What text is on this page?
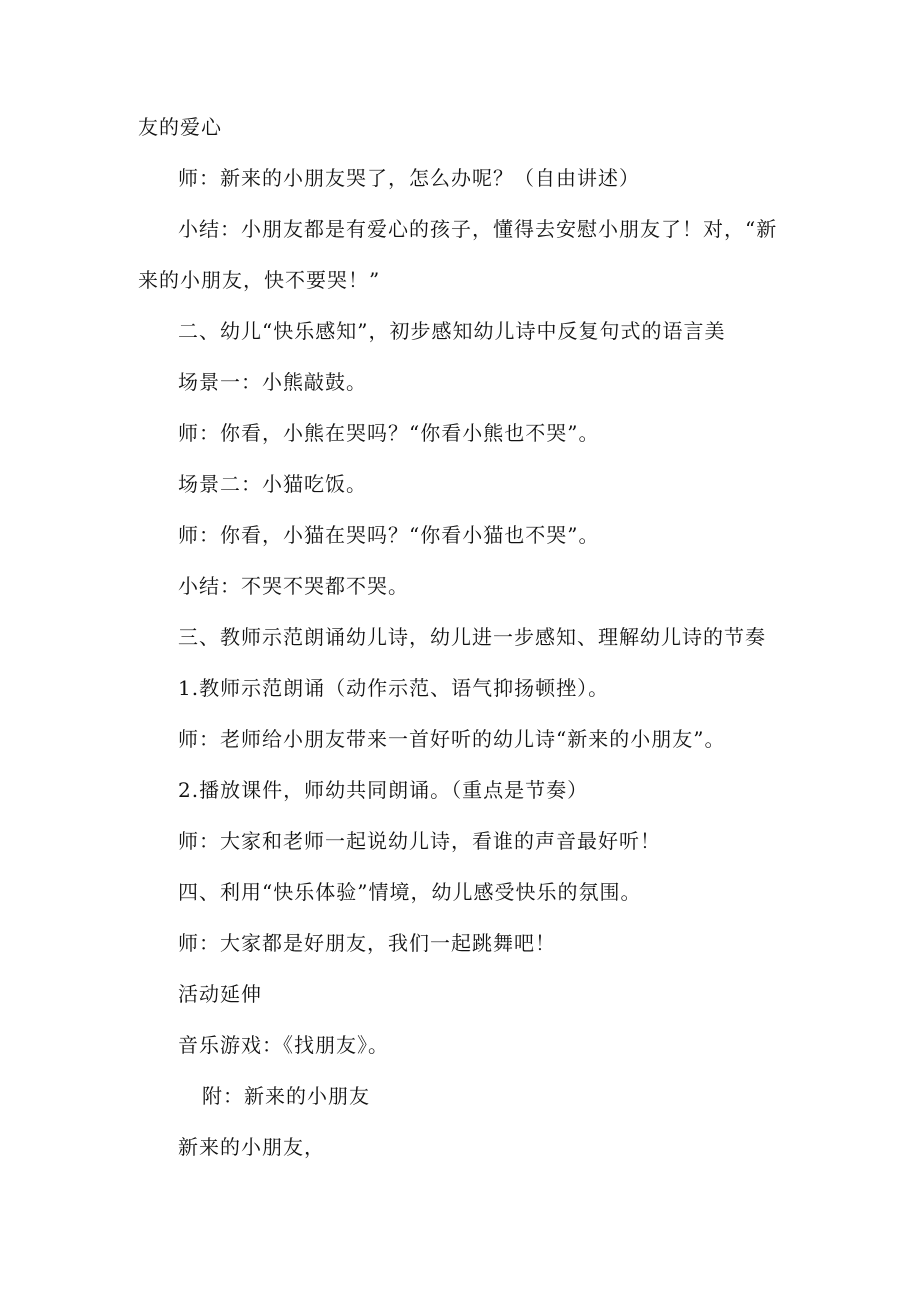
友的爱心
师：新来的小朋友哭了，怎么办呢？（自由讲述）
小结：小朋友都是有爱心的孩子，懂得去安慰小朋友了！对，“新
来的小朋友，快不要哭！”
二、幼儿“快乐感知”，初步感知幼儿诗中反复句式的语言美
场景一：小熊敲鼓。
师：你看，小熊在哭吗？“你看小熊也不哭”。
场景二：小猫吃饭。
师：你看，小猫在哭吗？“你看小猫也不哭”。
小结：不哭不哭都不哭。
三、教师示范朗诵幼儿诗，幼儿进一步感知、理解幼儿诗的节奏
1.教师示范朗诵（动作示范、语气抑扬顿挫）。
师：老师给小朋友带来一首好听的幼儿诗“新来的小朋友”。
2.播放课件，师幼共同朗诵。（重点是节奏）
师：大家和老师一起说幼儿诗，看谁的声音最好听！
四、利用“快乐体验”情境，幼儿感受快乐的氛围。
师：大家都是好朋友，我们一起跳舞吧！
活动延伸
音乐游戏：《找朋友》。
附：新来的小朋友
新来的小朋友，
